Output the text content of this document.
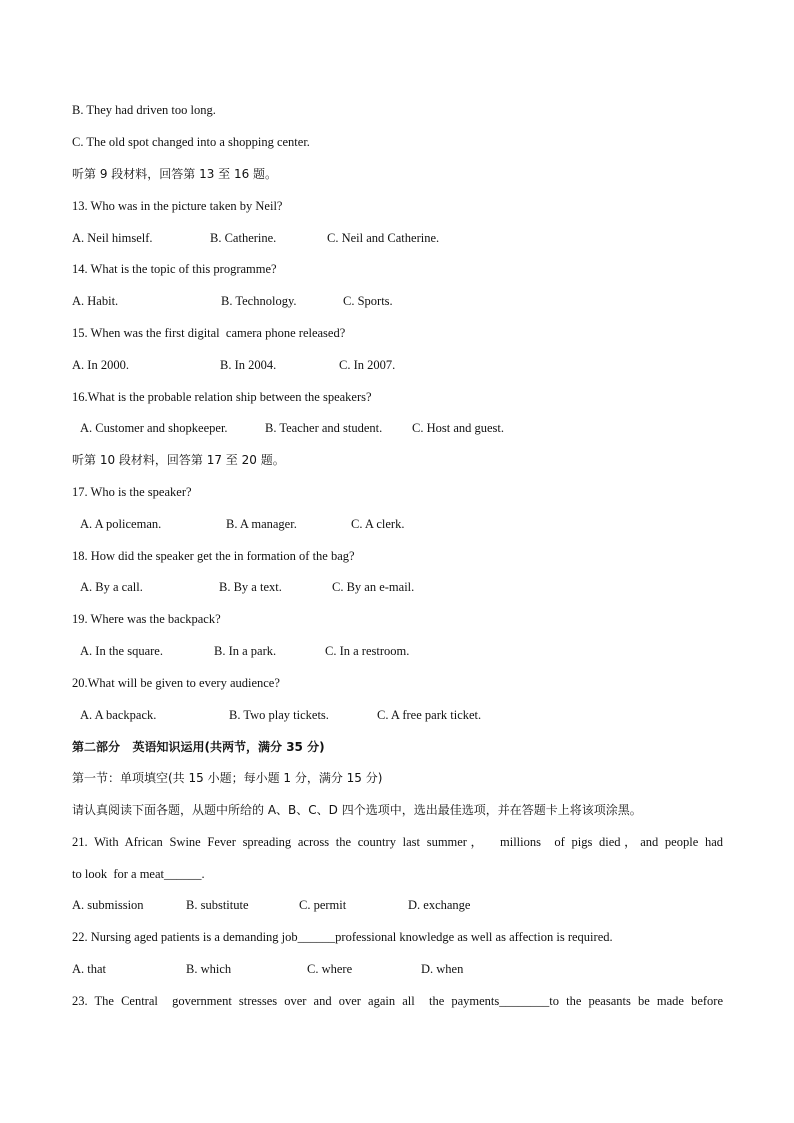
B. They had driven too long.
C. The old spot changed into a shopping center.
听第 9 段材料，回答第 13 至 16 题。
13. Who was in the picture taken by Neil?
A. Neil himself.	B. Catherine.	C. Neil and Catherine.
14. What is the topic of this programme?
A. Habit.	B. Technology.	C. Sports.
15. When was the first digital  camera phone released?
A. In 2000.	B. In 2004.	C. In 2007.
16.What is the probable relation ship between the speakers?
A. Customer and shopkeeper.	B. Teacher and student. C. Host and guest.
听第 10 段材料，回答第 17 至 20 题。
17. Who is the speaker?
A. A policeman.	B. A manager.	C. A clerk.
18. How did the speaker get the in formation of the bag?
A. By a call.	B. By a text.	C. By an e-mail.
19. Where was the backpack?
A. In the square.	B. In a park.	C. In a restroom.
20.What will be given to every audience?
A. A backpack.	B. Two play tickets.	C. A free park ticket.
第二部分   英语知识运用(共两节，满分 35 分)
第一节：单项填空(共 15 小题；每小题 1 分，满分 15 分)
请认真阅读下面各题，从题中所给的 A、B、C、D 四个选项中，选出最佳选项，并在答题卡上将该项涂黑。
21. With African Swine Fever spreading across the country last summer，  millions  of pigs died，and people had
to look  for a meat______.
A. submission	B. substitute	C. permit	D. exchange
22. Nursing aged patients is a demanding job______professional knowledge as well as affection is required.
A. that	B. which	C. where	D. when
23. The Central  government stresses over and over again all  the payments________to the peasants be made before
